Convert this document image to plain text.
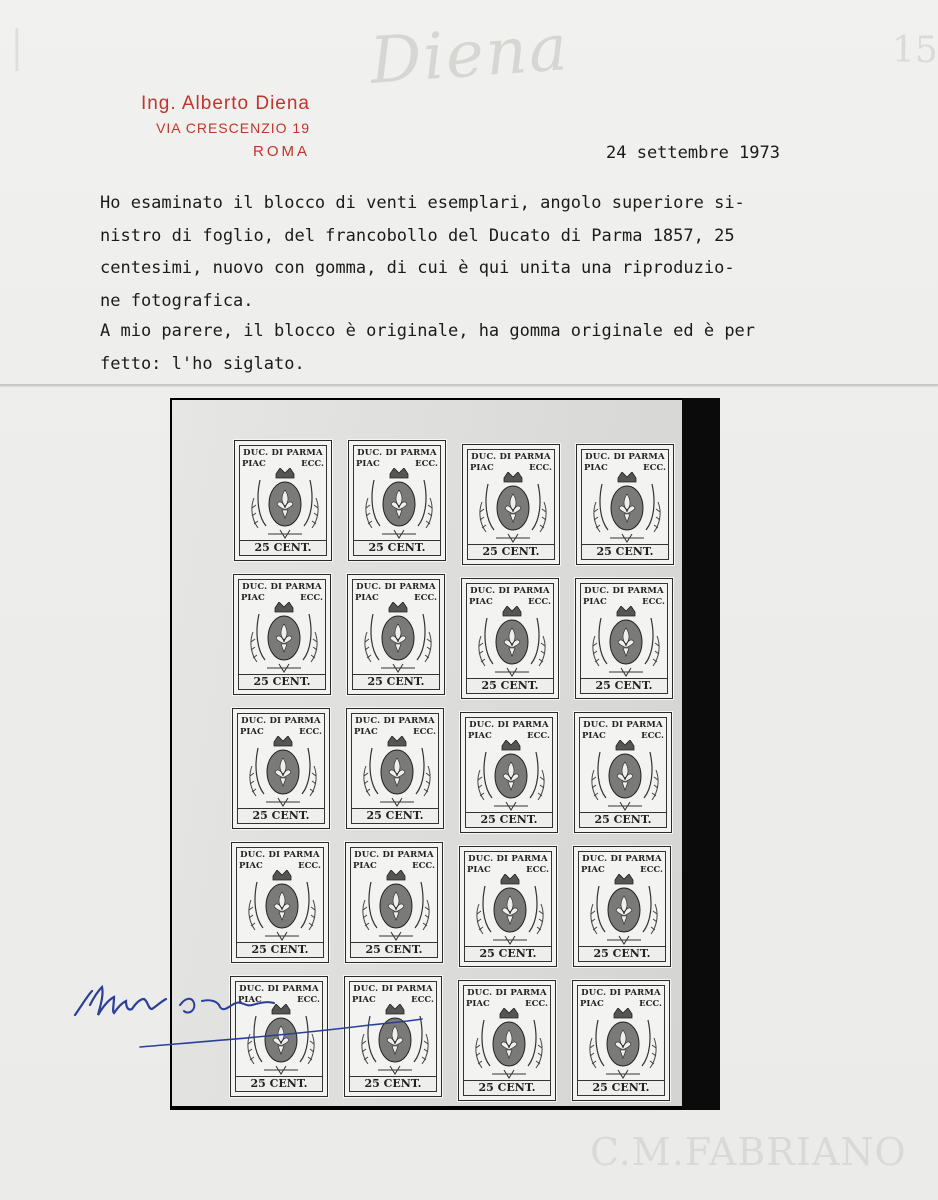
│	Diena	15
Ing. Alberto Diena
VIA CRESCENZIO 19
ROMA	24 settembre 1973
Ho esaminato il blocco di venti esemplari, angolo superiore si-
nistro di foglio, del francobollo del Ducato di Parma 1857, 25
centesimi, nuovo con gomma, di cui è qui unita una riproduzio-
ne fotografica.
A mio parere, il blocco è originale, ha gomma originale ed è per
fetto: l'ho siglato.
DUC. DI PARMA
PIAC	ECC.
25 CENT.
DUC. DI PARMA
PIAC	ECC.
25 CENT.
DUC. DI PARMA
PIAC	ECC.
25 CENT.
DUC. DI PARMA
PIAC	ECC.
25 CENT.
DUC. DI PARMA
PIAC	ECC.
25 CENT.
DUC. DI PARMA
PIAC	ECC.
25 CENT.
DUC. DI PARMA
PIAC	ECC.
25 CENT.
DUC. DI PARMA
PIAC	ECC.
25 CENT.
DUC. DI PARMA
PIAC	ECC.
25 CENT.
DUC. DI PARMA
PIAC	ECC.
25 CENT.
DUC. DI PARMA
PIAC	ECC.
25 CENT.
DUC. DI PARMA
PIAC	ECC.
25 CENT.
DUC. DI PARMA
PIAC	ECC.
25 CENT.
DUC. DI PARMA
PIAC	ECC.
25 CENT.
DUC. DI PARMA
PIAC	ECC.
25 CENT.
DUC. DI PARMA
PIAC	ECC.
25 CENT.
DUC. DI PARMA
PIAC	ECC.
25 CENT.
DUC. DI PARMA
PIAC	ECC.
25 CENT.
DUC. DI PARMA
PIAC	ECC.
25 CENT.
DUC. DI PARMA
PIAC	ECC.
25 CENT.
C.M.FABRIANO
